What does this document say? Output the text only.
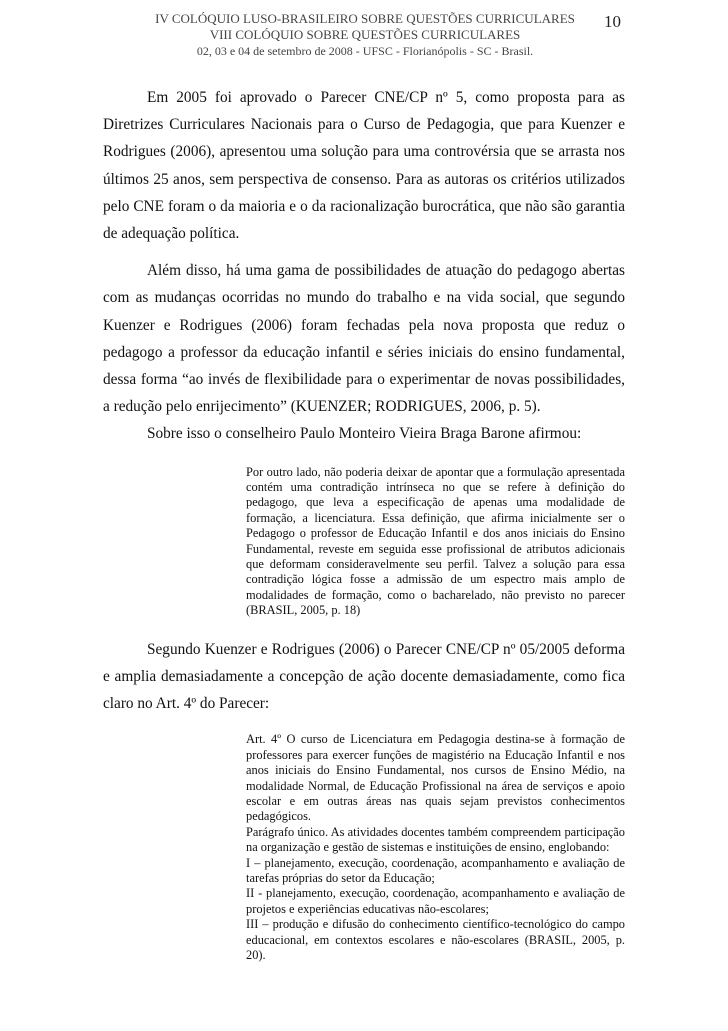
IV COLÓQUIO LUSO-BRASILEIRO SOBRE QUESTÕES CURRICULARES
VIII COLÓQUIO SOBRE QUESTÕES CURRICULARES
02, 03 e 04 de setembro de 2008 - UFSC - Florianópolis - SC - Brasil.
10

Em 2005 foi aprovado o Parecer CNE/CP nº 5, como proposta para as Diretrizes Curriculares Nacionais para o Curso de Pedagogia, que para Kuenzer e Rodrigues (2006), apresentou uma solução para uma controvérsia que se arrasta nos últimos 25 anos, sem perspectiva de consenso. Para as autoras os critérios utilizados pelo CNE foram o da maioria e o da racionalização burocrática, que não são garantia de adequação política.

Além disso, há uma gama de possibilidades de atuação do pedagogo abertas com as mudanças ocorridas no mundo do trabalho e na vida social, que segundo Kuenzer e Rodrigues (2006) foram fechadas pela nova proposta que reduz o pedagogo a professor da educação infantil e séries iniciais do ensino fundamental, dessa forma “ao invés de flexibilidade para o experimentar de novas possibilidades, a redução pelo enrijecimento” (KUENZER; RODRIGUES, 2006, p. 5).

Sobre isso o conselheiro Paulo Monteiro Vieira Braga Barone afirmou:

Por outro lado, não poderia deixar de apontar que a formulação apresentada contém uma contradição intrínseca no que se refere à definição do pedagogo, que leva a especificação de apenas uma modalidade de formação, a licenciatura. Essa definição, que afirma inicialmente ser o Pedagogo o professor de Educação Infantil e dos anos iniciais do Ensino Fundamental, reveste em seguida esse profissional de atributos adicionais que deformam consideravelmente seu perfil. Talvez a solução para essa contradição lógica fosse a admissão de um espectro mais amplo de modalidades de formação, como o bacharelado, não previsto no parecer (BRASIL, 2005, p. 18)

Segundo Kuenzer e Rodrigues (2006) o Parecer CNE/CP nº 05/2005 deforma e amplia demasiadamente a concepção de ação docente demasiadamente, como fica claro no Art. 4º do Parecer:

Art. 4º O curso de Licenciatura em Pedagogia destina-se à formação de professores para exercer funções de magistério na Educação Infantil e nos anos iniciais do Ensino Fundamental, nos cursos de Ensino Médio, na modalidade Normal, de Educação Profissional na área de serviços e apoio escolar e em outras áreas nas quais sejam previstos conhecimentos pedagógicos.

Parágrafo único. As atividades docentes também compreendem participação na organização e gestão de sistemas e instituições de ensino, englobando:

I – planejamento, execução, coordenação, acompanhamento e avaliação de tarefas próprias do setor da Educação;

II - planejamento, execução, coordenação, acompanhamento e avaliação de projetos e experiências educativas não-escolares;

III – produção e difusão do conhecimento científico-tecnológico do campo educacional, em contextos escolares e não-escolares (BRASIL, 2005, p. 20).
